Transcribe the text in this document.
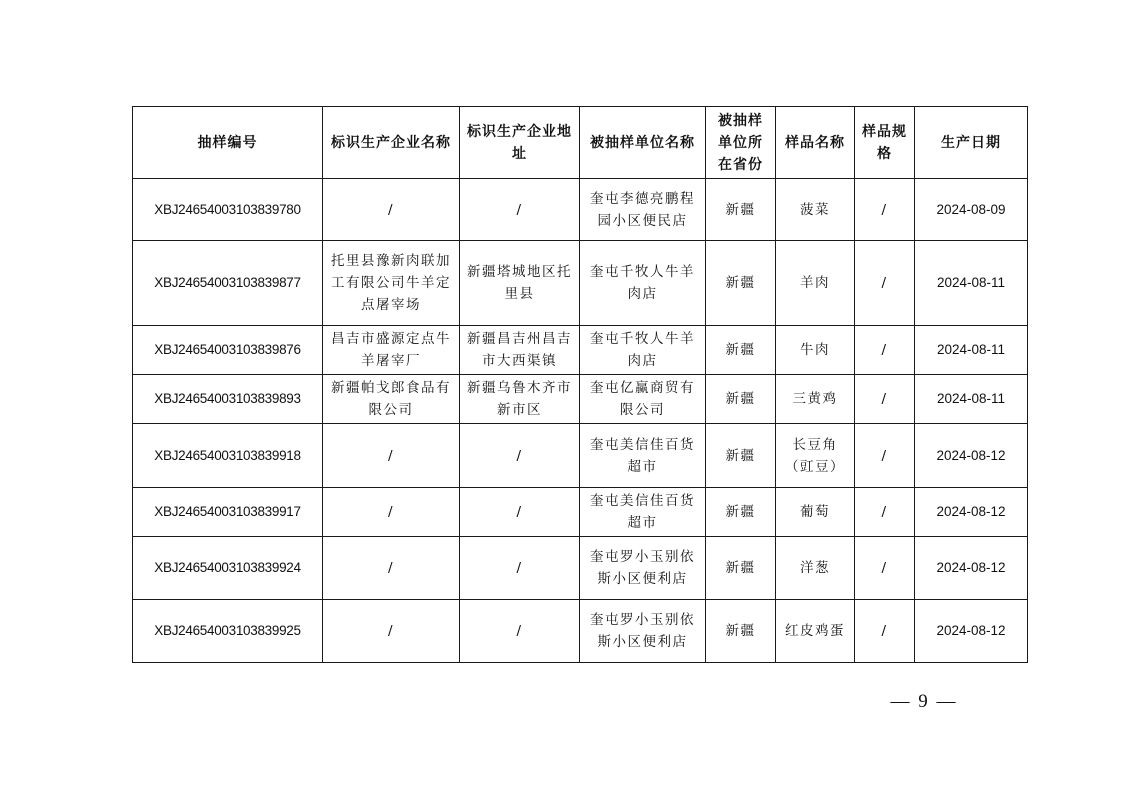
抽样编号	标识生产企业名称	标识生产企业地址	被抽样单位名称	被抽样单位所在省份	样品名称	样品规格	生产日期
XBJ24654003103839780	/	/	奎屯李德亮鹏程园小区便民店	新疆	菠菜	/	2024-08-09
XBJ24654003103839877	托里县豫新肉联加工有限公司牛羊定点屠宰场	新疆塔城地区托里县	奎屯千牧人牛羊肉店	新疆	羊肉	/	2024-08-11
XBJ24654003103839876	昌吉市盛源定点牛羊屠宰厂	新疆昌吉州昌吉市大西渠镇	奎屯千牧人牛羊肉店	新疆	牛肉	/	2024-08-11
XBJ24654003103839893	新疆帕戈郎食品有限公司	新疆乌鲁木齐市新市区	奎屯亿赢商贸有限公司	新疆	三黄鸡	/	2024-08-11
XBJ24654003103839918	/	/	奎屯美信佳百货超市	新疆	长豆角（豇豆）	/	2024-08-12
XBJ24654003103839917	/	/	奎屯美信佳百货超市	新疆	葡萄	/	2024-08-12
XBJ24654003103839924	/	/	奎屯罗小玉别依斯小区便利店	新疆	洋葱	/	2024-08-12
XBJ24654003103839925	/	/	奎屯罗小玉别依斯小区便利店	新疆	红皮鸡蛋	/	2024-08-12
— 9 —
